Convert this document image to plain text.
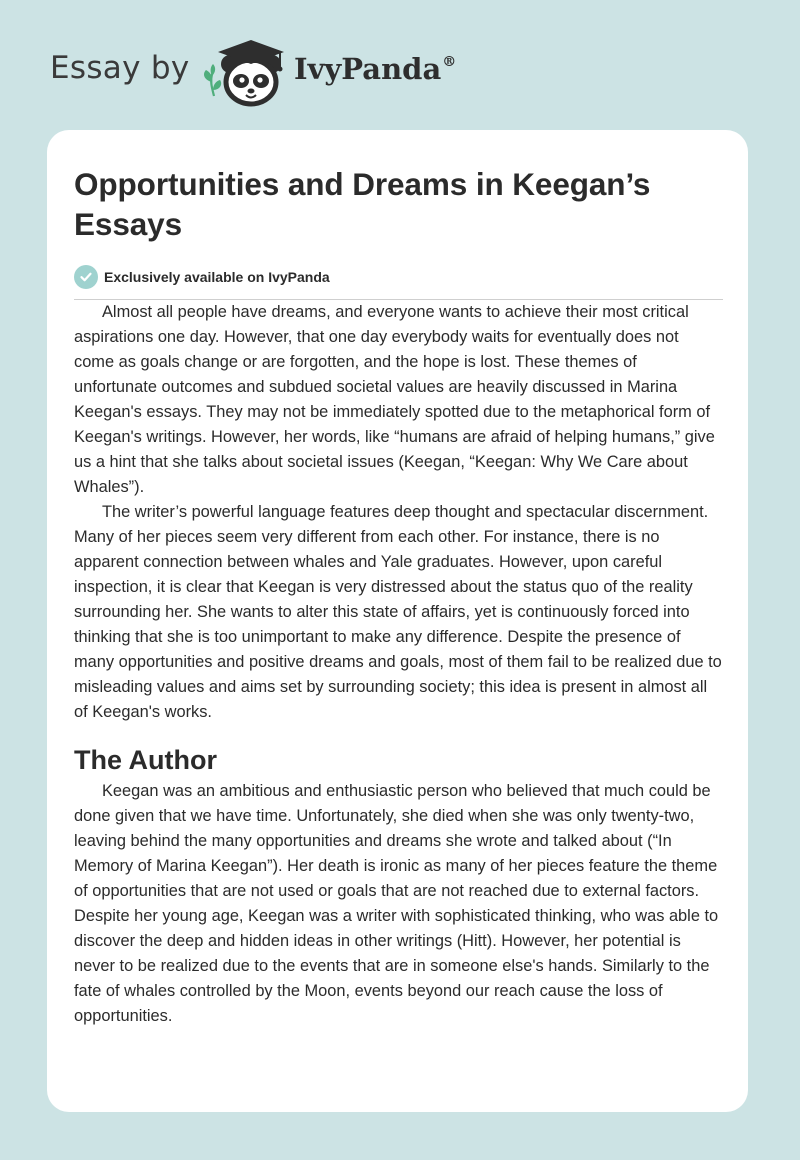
Essay by	IvyPanda®
Opportunities and Dreams in Keegan’s Essays
Exclusively available on IvyPanda

Almost all people have dreams, and everyone wants to achieve their most critical aspirations one day. However, that one day everybody waits for eventually does not come as goals change or are forgotten, and the hope is lost. These themes of unfortunate outcomes and subdued societal values are heavily discussed in Marina Keegan's essays. They may not be immediately spotted due to the metaphorical form of Keegan's writings. However, her words, like “humans are afraid of helping humans,” give us a hint that she talks about societal issues (Keegan, “Keegan: Why We Care about Whales”).

The writer’s powerful language features deep thought and spectacular discernment. Many of her pieces seem very different from each other. For instance, there is no apparent connection between whales and Yale graduates. However, upon careful inspection, it is clear that Keegan is very distressed about the status quo of the reality surrounding her. She wants to alter this state of affairs, yet is continuously forced into thinking that she is too unimportant to make any difference. Despite the presence of many opportunities and positive dreams and goals, most of them fail to be realized due to misleading values and aims set by surrounding society; this idea is present in almost all of Keegan's works.

The Author

Keegan was an ambitious and enthusiastic person who believed that much could be done given that we have time. Unfortunately, she died when she was only twenty-two, leaving behind the many opportunities and dreams she wrote and talked about (“In Memory of Marina Keegan”). Her death is ironic as many of her pieces feature the theme of opportunities that are not used or goals that are not reached due to external factors. Despite her young age, Keegan was a writer with sophisticated thinking, who was able to discover the deep and hidden ideas in other writings (Hitt). However, her potential is never to be realized due to the events that are in someone else's hands. Similarly to the fate of whales controlled by the Moon, events beyond our reach cause the loss of opportunities.
